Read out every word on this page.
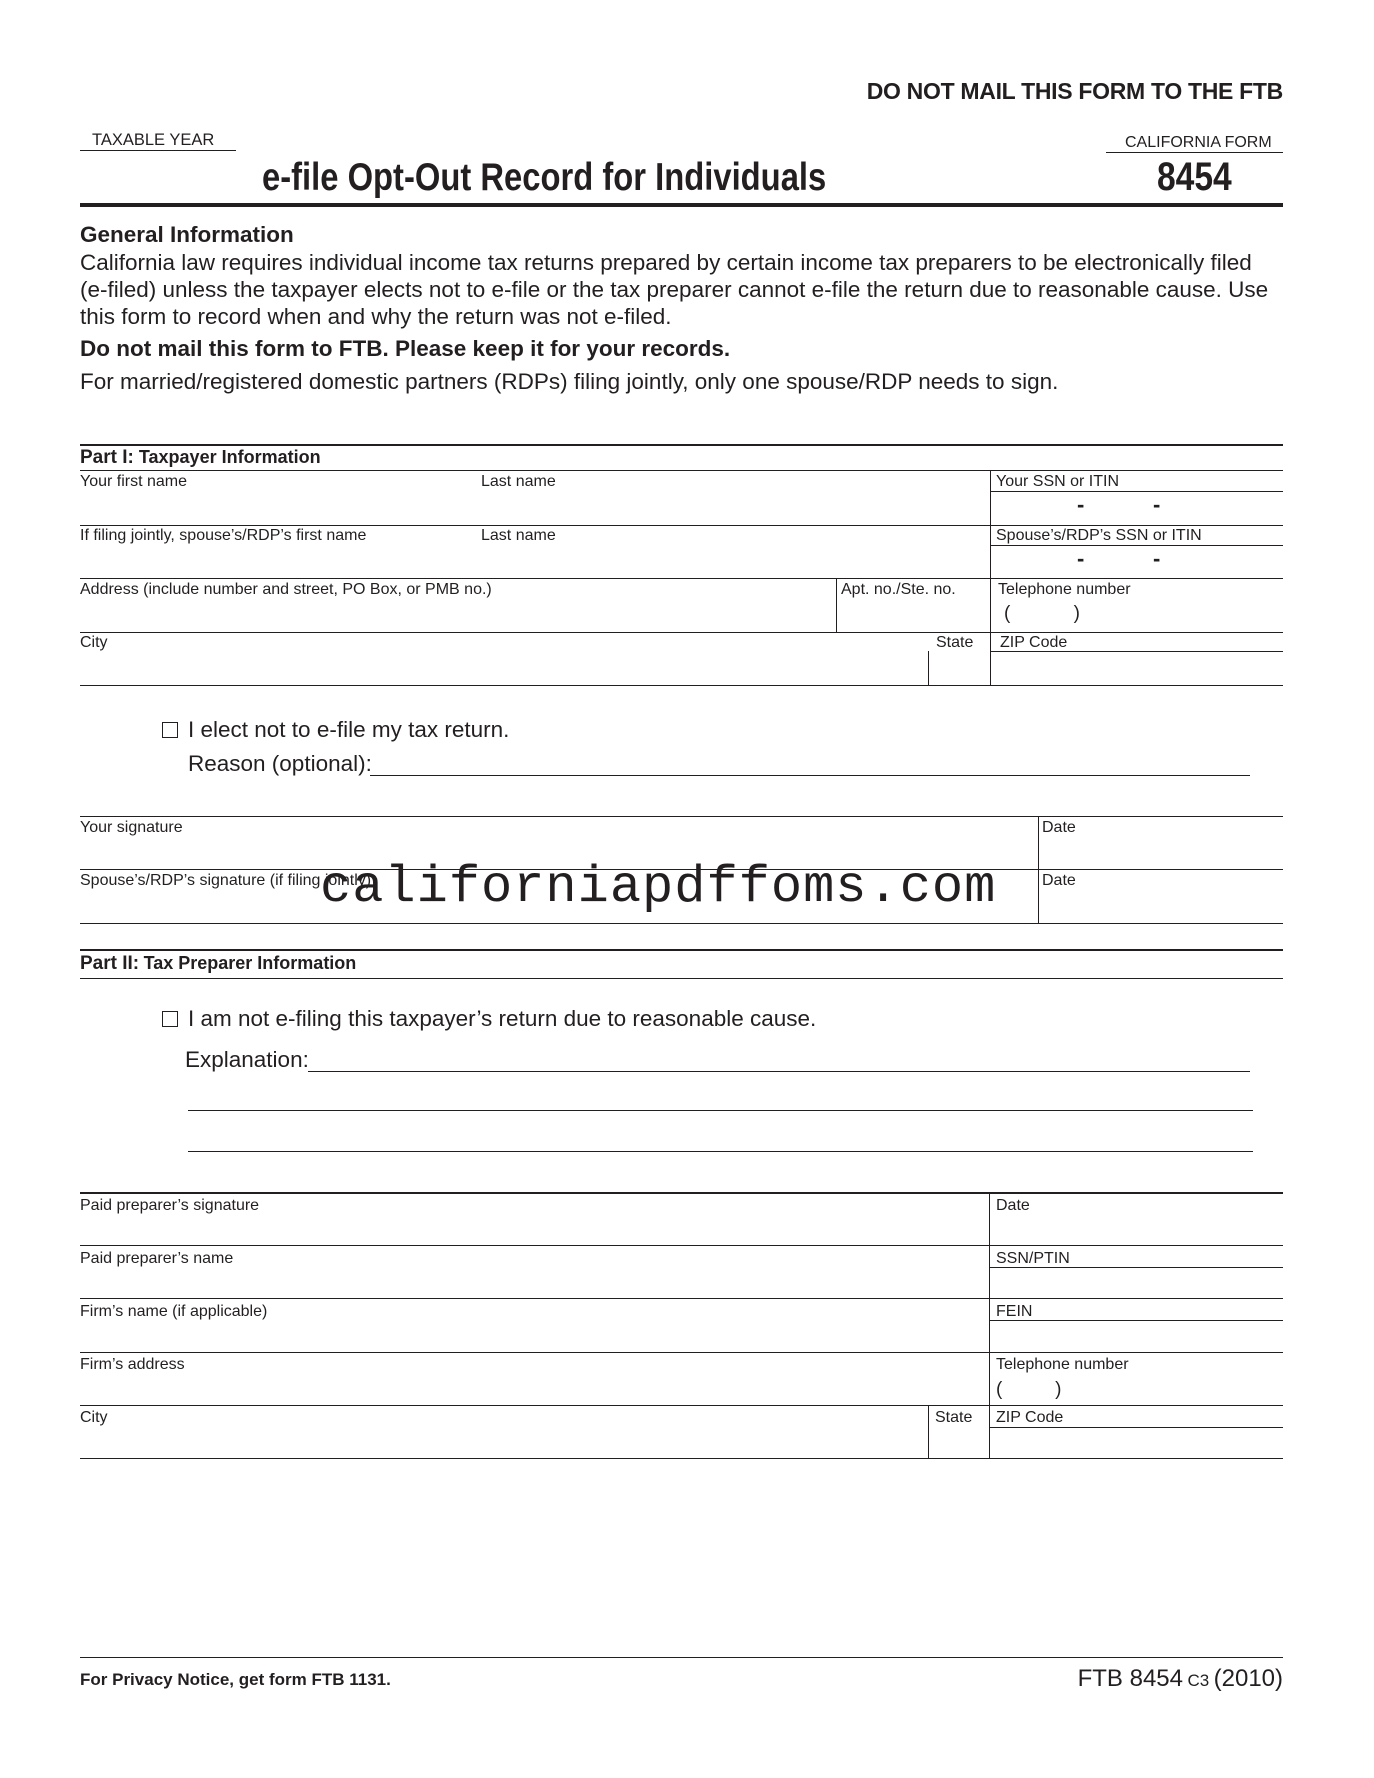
DO NOT MAIL THIS FORM TO THE FTB
TAXABLE YEAR
e-file Opt-Out Record for Individuals
CALIFORNIA FORM
8454
General Information
California law requires individual income tax returns prepared by certain income tax preparers to be electronically filed (e-filed) unless the taxpayer elects not to e-file or the tax preparer cannot e-file the return due to reasonable cause. Use this form to record when and why the return was not e-filed.
Do not mail this form to FTB. Please keep it for your records.
For married/registered domestic partners (RDPs) filing jointly, only one spouse/RDP needs to sign.
Part I: Taxpayer Information
Your first name	Last name	Your SSN or ITIN
-	-
If filing jointly, spouse’s/RDP’s first name	Last name	Spouse’s/RDP’s SSN or ITIN
-	-
Address (include number and street, PO Box, or PMB no.)	Apt. no./Ste. no.	Telephone number
(            )
City	State ZIP Code
I elect not to e-file my tax return.
Reason (optional):
Your signature	Date
Spouse’s/RDP’s signature (if filing jointly)	Date
californiapdffoms.com
Part II: Tax Preparer Information
I am not e-filing this taxpayer’s return due to reasonable cause.
Explanation:
Paid preparer’s signature	Date
Paid preparer’s name	SSN/PTIN
Firm’s name (if applicable)	FEIN
Firm’s address	Telephone number
(          )
City	State ZIP Code
For Privacy Notice, get form FTB 1131.	FTB 8454 C3 (2010)
